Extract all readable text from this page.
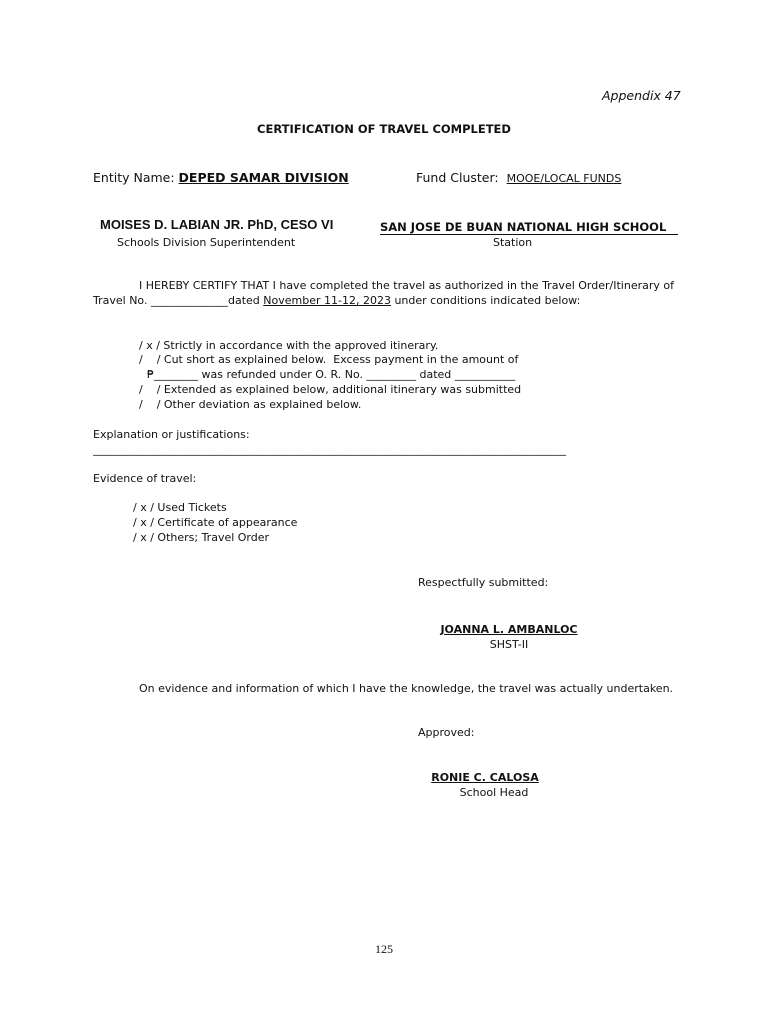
Appendix 47
CERTIFICATION OF TRAVEL COMPLETED
Entity Name: DEPED SAMAR DIVISION	Fund Cluster: MOOE/LOCAL FUNDS
MOISES D. LABIAN JR. PhD, CESO VI
Schools Division Superintendent
SAN JOSE DE BUAN NATIONAL HIGH SCHOOL
Station
I HEREBY CERTIFY THAT I have completed the travel as authorized in the Travel Order/Itinerary of
Travel No. ______________dated November 11-12, 2023 under conditions indicated below:
/ x / Strictly in accordance with the approved itinerary.
/    / Cut short as explained below.  Excess payment in the amount of
₱________ was refunded under O. R. No. _________ dated ___________
/    / Extended as explained below, additional itinerary was submitted
/    / Other deviation as explained below.
Explanation or justifications:
______________________________________________________________________________________
Evidence of travel:
/ x / Used Tickets
/ x / Certificate of appearance
/ x / Others; Travel Order
Respectfully submitted:
JOANNA L. AMBANLOC
SHST-II
On evidence and information of which I have the knowledge, the travel was actually undertaken.
Approved:
RONIE C. CALOSA
School Head
125
